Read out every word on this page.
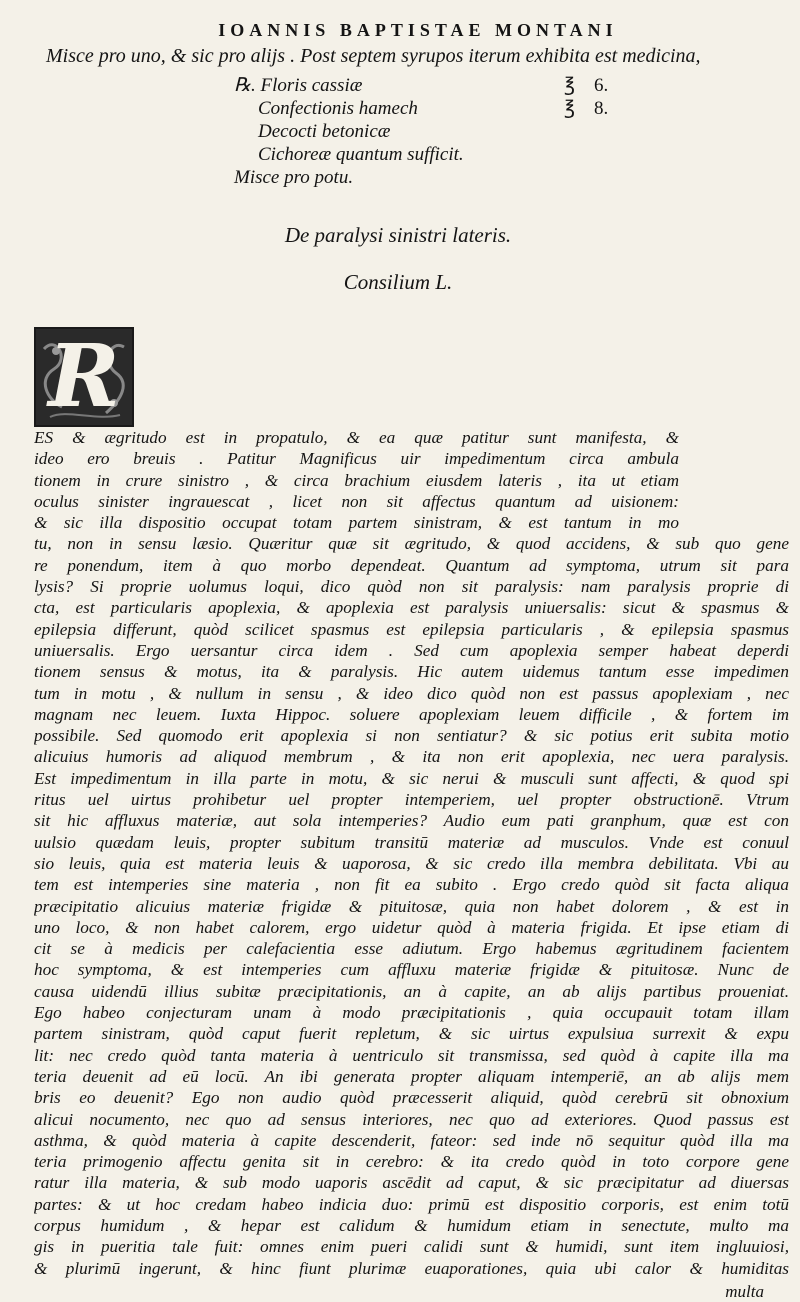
IOANNIS BAPTISTAE MONTANI
Misce pro uno, & sic pro alijs . Post septem syrupos iterum exhibita est medicina,
℞. Floris cassiæ	℥	6.
Confectionis hamech	℥	8.
Decocti betonicæ
Cichoreæ quantum sufficit.
Misce pro potu.
De paralysi sinistri lateris.
Consilium L.
R
ES & ægritudo est in propatulo, & ea quæ patitur sunt manifesta, &
ideo ero breuis . Patitur Magnificus uir impedimentum circa ambula
tionem in crure sinistro , & circa brachium eiusdem lateris , ita ut etiam
oculus sinister ingrauescat , licet non sit affectus quantum ad uisionem:
& sic illa dispositio occupat totam partem sinistram, & est tantum in mo
tu, non in sensu læsio. Quæritur quæ sit ægritudo, & quod accidens, & sub quo gene
re ponendum, item à quo morbo dependeat. Quantum ad symptoma, utrum sit para
lysis? Si proprie uolumus loqui, dico quòd non sit paralysis: nam paralysis proprie di
cta, est particularis apoplexia, & apoplexia est paralysis uniuersalis: sicut & spasmus &
epilepsia differunt, quòd scilicet spasmus est epilepsia particularis , & epilepsia spasmus
uniuersalis. Ergo uersantur circa idem . Sed cum apoplexia semper habeat deperdi
tionem sensus & motus, ita & paralysis. Hic autem uidemus tantum esse impedimen
tum in motu , & nullum in sensu , & ideo dico quòd non est passus apoplexiam , nec
magnam nec leuem. Iuxta Hippoc. soluere apoplexiam leuem difficile , & fortem im
possibile. Sed quomodo erit apoplexia si non sentiatur? & sic potius erit subita motio
alicuius humoris ad aliquod membrum , & ita non erit apoplexia, nec uera paralysis.
Est impedimentum in illa parte in motu, & sic nerui & musculi sunt affecti, & quod spi
ritus uel uirtus prohibetur uel propter intemperiem, uel propter obstructionē. Vtrum
sit hic affluxus materiæ, aut sola intemperies? Audio eum pati granphum, quæ est con
uulsio quædam leuis, propter subitum transitū materiæ ad musculos. Vnde est conuul
sio leuis, quia est materia leuis & uaporosa, & sic credo illa membra debilitata. Vbi au
tem est intemperies sine materia , non fit ea subito . Ergo credo quòd sit facta aliqua
præcipitatio alicuius materiæ frigidæ & pituitosæ, quia non habet dolorem , & est in
uno loco, & non habet calorem, ergo uidetur quòd à materia frigida. Et ipse etiam di
cit se à medicis per calefacientia esse adiutum. Ergo habemus ægritudinem facientem
hoc symptoma, & est intemperies cum affluxu materiæ frigidæ & pituitosæ. Nunc de
causa uidendū illius subitæ præcipitationis, an à capite, an ab alijs partibus proueniat.
Ego habeo conjecturam unam à modo præcipitationis , quia occupauit totam illam
partem sinistram, quòd caput fuerit repletum, & sic uirtus expulsiua surrexit & expu
lit: nec credo quòd tanta materia à uentriculo sit transmissa, sed quòd à capite illa ma
teria deuenit ad eū locū. An ibi generata propter aliquam intemperiē, an ab alijs mem
bris eo deuenit? Ego non audio quòd præcesserit aliquid, quòd cerebrū sit obnoxium
alicui nocumento, nec quo ad sensus interiores, nec quo ad exteriores. Quod passus est
asthma, & quòd materia à capite descenderit, fateor: sed inde nō sequitur quòd illa ma
teria primogenio affectu genita sit in cerebro: & ita credo quòd in toto corpore gene
ratur illa materia, & sub modo uaporis ascēdit ad caput, & sic præcipitatur ad diuersas
partes: & ut hoc credam habeo indicia duo: primū est dispositio corporis, est enim totū
corpus humidum , & hepar est calidum & humidum etiam in senectute, multo ma
gis in pueritia tale fuit: omnes enim pueri calidi sunt & humidi, sunt item ingluuiosi,
& plurimū ingerunt, & hinc fiunt plurimæ euaporationes, quia ubi calor & humiditas
multa
